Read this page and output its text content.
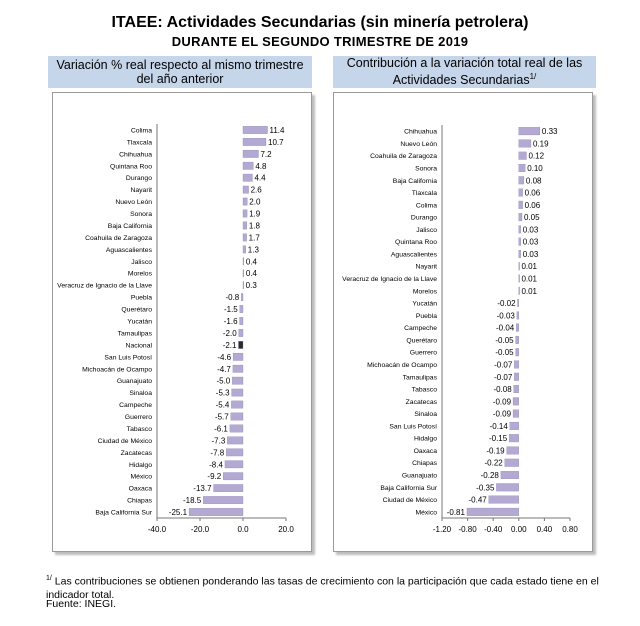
ITAEE: Actividades Secundarias (sin minería petrolera)
DURANTE EL SEGUNDO TRIMESTRE DE 2019
Variación % real respecto al mismo trimestre del año anterior
Contribución a la variación total real de las Actividades Secundarias$^{1/}$
-40.0	-20.0	0.0	20.0
Colima	11.4
Tlaxcala	10.7
Chihuahua	7.2
Quintana Roo	4.8
Durango	4.4
Nayarit	2.6
Nuevo León	2.0
Sonora	1.9
Baja California	1.8
Coahuila de Zaragoza	1.7
Aguascalientes	1.3
Jalisco	0.4
Morelos	0.4
Veracruz de Ignacio de la Llave	0.3
Puebla	-0.8
Querétaro	-1.5
Yucatán	-1.6
Tamaulipas	-2.0
Nacional	-2.1
San Luis Potosí	-4.6
Michoacán de Ocampo	-4.7
Guanajuato	-5.0
Sinaloa	-5.3
Campeche	-5.4
Guerrero	-5.7
Tabasco	-6.1
Ciudad de México	-7.3
Zacatecas	-7.8
Hidalgo	-8.4
México	-9.2
Oaxaca	-13.7
Chiapas	-18.5
Baja California Sur -25.1
-1.20 -0.80 -0.40 0.00 0.40 0.80
Chihuahua	0.33
Nuevo León	0.19
Coahuila de Zaragoza	0.12
Sonora	0.10
Baja California	0.08
Tlaxcala	0.06
Colima	0.06
Durango	0.05
Jalisco	0.03
Quintana Roo	0.03
Aguascalientes	0.03
Nayarit	0.01
Veracruz de Ignacio de la Llave	0.01
Morelos	0.01
Yucatán	-0.02
Puebla	-0.03
Campeche	-0.04
Querétaro	-0.05
Guerrero	-0.05
Michoacán de Ocampo	-0.07
Tamaulipas	-0.07
Tabasco	-0.08
Zacatecas	-0.09
Sinaloa	-0.09
San Luis Potosí	-0.14
Hidalgo	-0.15
Oaxaca	-0.19
Chiapas	-0.22
Guanajuato	-0.28
Baja California Sur	-0.35
Ciudad de México	-0.47
México -0.81
$^{1/}$ Las contribuciones se obtienen ponderando las tasas de crecimiento con la participación que cada estado tiene en el indicador total.
Fuente: INEGI.
